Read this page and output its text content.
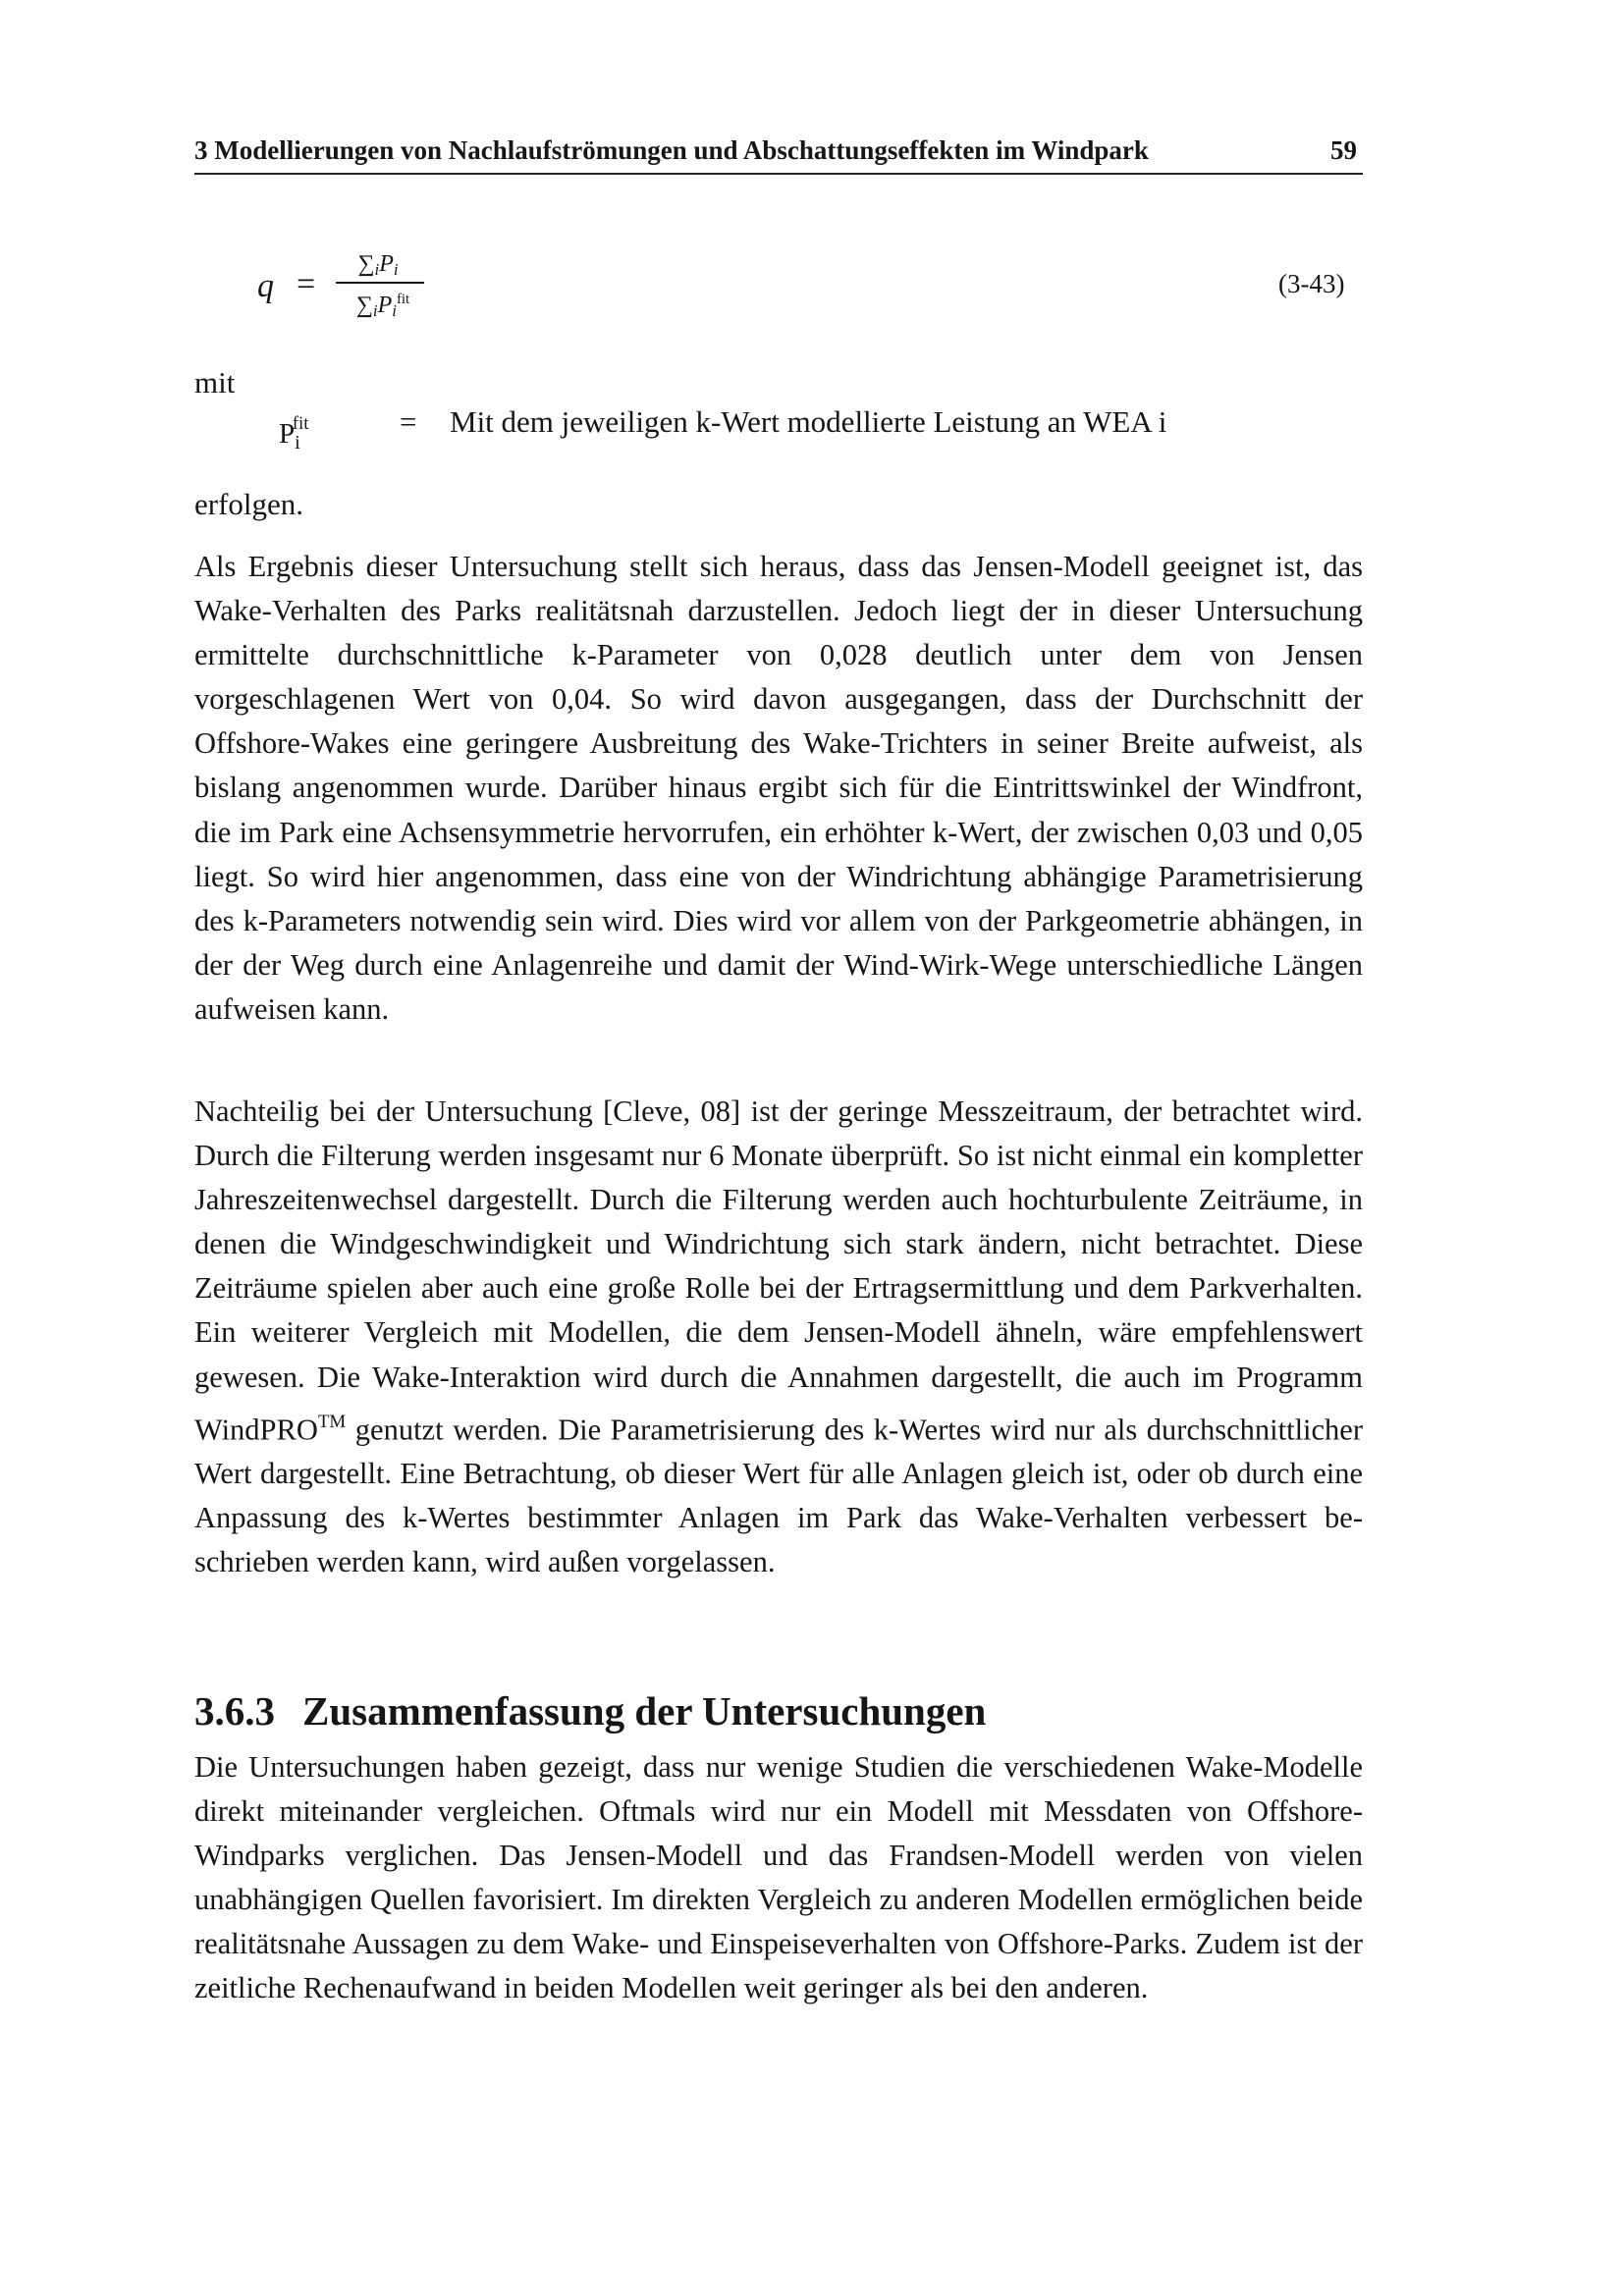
3 Modellierungen von Nachlaufströmungen und Abschattungseffekten im Windpark	59
q =
$\sum_iP_i$
$\sum_iP_i^{fit}$
(3-43)
mit
$P_i^{fit}$	= Mit dem jeweiligen k-Wert modellierte Leistung an WEA i
erfolgen.

Als Ergebnis dieser Untersuchung stellt sich heraus, dass das Jensen-Modell geeignet ist, das Wake-Verhalten des Parks realitätsnah darzustellen. Jedoch liegt der in dieser Untersuchung ermittelte durchschnittliche k-Parameter von 0,028 deutlich unter dem von Jensen vorgeschlagenen Wert von 0,04. So wird davon ausgegangen, dass der Durchschnitt der Offshore-Wakes eine geringere Ausbreitung des Wake-Trichters in seiner Breite aufweist, als bislang angenommen wurde. Darüber hinaus ergibt sich für die Eintrittswinkel der Windfront, die im Park eine Achsensymmetrie hervorrufen, ein erhöhter k-Wert, der zwischen 0,03 und 0,05 liegt. So wird hier angenommen, dass eine von der Windrichtung abhängige Parametrisierung des k-Parameters notwendig sein wird. Dies wird vor allem von der Parkgeometrie abhängen, in der der Weg durch eine Anlagenreihe und damit der Wind-Wirk-Wege unterschiedliche Längen aufweisen kann.

Nachteilig bei der Untersuchung [Cleve, 08] ist der geringe Messzeitraum, der betrachtet wird. Durch die Filterung werden insgesamt nur 6 Monate überprüft. So ist nicht einmal ein kompletter Jahreszeitenwechsel dargestellt. Durch die Filterung werden auch hochturbulente Zeiträume, in denen die Windgeschwindigkeit und Windrichtung sich stark ändern, nicht betrachtet. Diese Zeiträume spielen aber auch eine große Rolle bei der Ertragsermittlung und dem Parkverhalten. Ein weiterer Vergleich mit Modellen, die dem Jensen-Modell ähneln, wäre empfehlenswert gewesen. Die Wake-Interaktion wird durch die Annahmen dargestellt, die auch im Programm WindPRO™ genutzt werden. Die Parametrisierung des k-Wertes wird nur als durchschnittlicher Wert dargestellt. Eine Betrachtung, ob dieser Wert für alle Anlagen gleich ist, oder ob durch eine Anpassung des k-Wertes bestimmter Anlagen im Park das Wake-Verhalten verbessert beschrieben werden kann, wird außen vorgelassen.

3.6.3 Zusammenfassung der Untersuchungen

Die Untersuchungen haben gezeigt, dass nur wenige Studien die verschiedenen Wake-Modelle direkt miteinander vergleichen. Oftmals wird nur ein Modell mit Messdaten von Offshore-Windparks verglichen. Das Jensen-Modell und das Frandsen-Modell werden von vielen unabhängigen Quellen favorisiert. Im direkten Vergleich zu anderen Modellen ermöglichen beide realitätsnahe Aussagen zu dem Wake- und Einspeiseverhalten von Offshore-Parks. Zudem ist der zeitliche Rechenaufwand in beiden Modellen weit geringer als bei den anderen.
